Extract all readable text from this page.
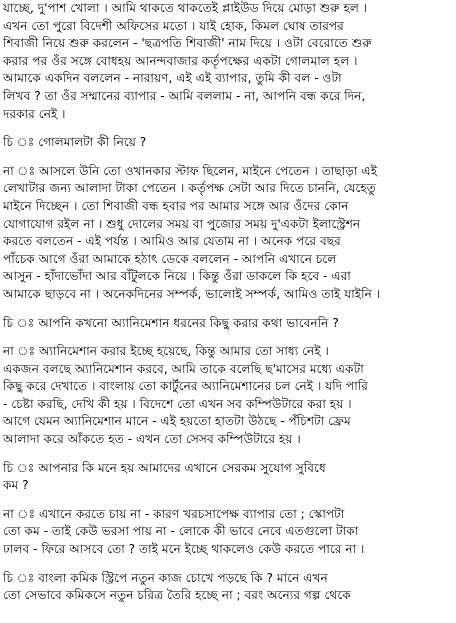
যাচ্ছে, দু'পাশ খোলা । আমি থাকতে থাকতেই প্লাইউড দিয়ে মোড়া শুরু হল ।
এখন তো পুরো বিদেশী অফিসের মতো । যাই হোক, কিমল ঘোষ তারপর
শিবাজী নিয়ে শুরু করলেন - 'ছত্রপতি শিবাজী' নাম দিয়ে । ওটা বেরোতে শুরু
করার পর ওঁর সঙ্গে বোধহয় আনন্দবাজার কর্তৃপক্ষের একটা গোলমাল হল ।
আমাকে একদিন বললেন - নারায়ণ, এই এই ব্যাপার, তুমি কী বল - ওটা
লিখব ? তা ওঁর সম্মানের ব্যাপার - আমি বললাম - না, আপনি বন্ধ করে দিন,
দরকার নেই ।
চি ঃ গোলমালটা কী নিয়ে ?
না ঃ আসলে উনি তো ওখানকার স্টাফ ছিলেন, মাইনে পেতেন । তাছাড়া এই
লেখাটার জন্য আলাদা টাকা পেতেন । কর্তৃপক্ষ সেটা আর দিতে চাননি, যেহেতু
মাইনে দিচ্ছেন । তো শিবাজী বন্ধ হবার পর আমার সঙ্গে আর ওঁদের কোন
যোগাযোগ রইল না । শুধু দোলের সময় বা পুজোর সময় দু'একটা ইলাস্ট্রেশন
করতে বলতেন - এই পর্যন্ত । আমিও আর যেতাম না । অনেক পরে বছর
পাঁচেক আগে ওঁরা আমাকে হঠাৎ ডেকে বললেন - আপনি এখানে চলে
আসুন - হাঁদাভোঁদা আর বাঁটুলকে নিয়ে । কিন্তু ওঁরা ডাকলে কি হবে - এরা
আমাকে ছাড়বে না । অনেকদিনের সম্পর্ক, ভালোই সম্পর্ক, আমিও তাই যাইনি ।
চি ঃ আপনি কখনো অ্যানিমেশান ধরনের কিছু করার কথা ভাবেননি ?
না ঃ অ্যানিমেশান করার ইচ্ছে হয়েছে, কিন্তু আমার তো সাধ্য নেই ।
একজন বলছে অ্যানিমেশান করবে, আমি তাকে বলেছি ছ'মাসের মধ্যে একটা
কিছু করে দেখাতে । বাংলায় তো কার্টুনের অ্যানিমেশানের চল নেই । যদি পারি
- চেষ্টা করছি, দেখি কী হয় । বিদেশে তো এখন সব কম্পিউটারে করা হয় ।
আগে যেমন অ্যানিমেশান মানে - এই হয়তো হাতটা উঠছে - পঁচিশটা ফ্রেম
আলাদা করে আঁকতে হত - এখন তো সেসব কম্পিউটারে হয় ।
চি ঃ আপনার কি মনে হয় আমাদের এখানে সেরকম সুযোগ সুবিধে
কম ?
না ঃ এখানে করতে চায় না - কারণ খরচসাপেক্ষ ব্যাপার তো ; স্কোপটা
তো কম - তাই কেউ ভরসা পায় না - লোকে কী ভাবে নেবে এতগুলো টাকা
ঢালব - ফিরে আসবে তো ? তাই মনে ইচ্ছে থাকলেও কেউ করতে পারে না ।
চি ঃ বাংলা কমিক স্ট্রিপে নতুন কাজ চোখে পড়ছে কি ? মানে এখন
তো সেভাবে কমিকসে নতুন চরিত্র তৈরি হচ্ছে না ; বরং অন্যের গল্প থেকে
